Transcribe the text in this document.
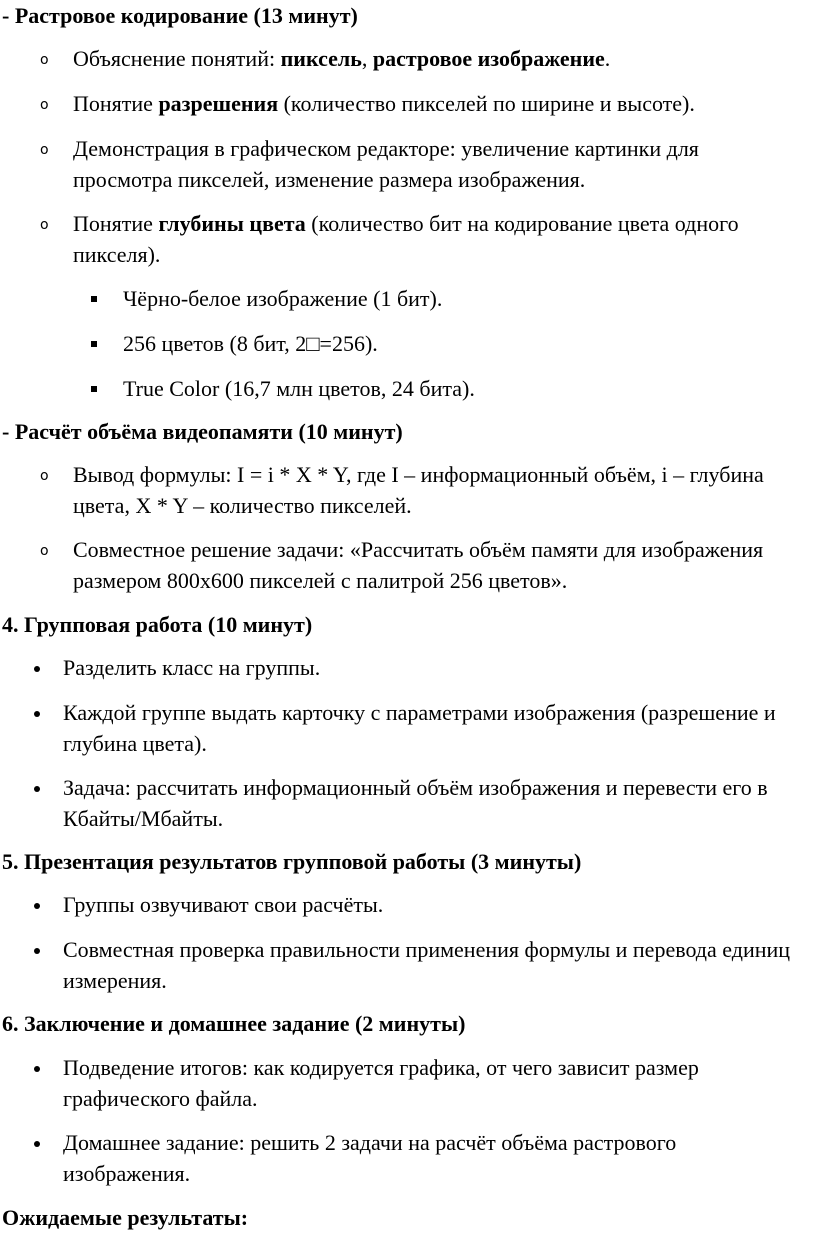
- Растровое кодирование (13 минут)
o Объяснение понятий: пиксель, растровое изображение.
o Понятие разрешения (количество пикселей по ширине и высоте).
o Демонстрация в графическом редакторе: увеличение картинки для просмотра пикселей, изменение размера изображения.
o Понятие глубины цвета (количество бит на кодирование цвета одного пикселя).
Чёрно-белое изображение (1 бит).
256 цветов (8 бит, 2□=256).
True Color (16,7 млн цветов, 24 бита).
- Расчёт объёма видеопамяти (10 минут)
o Вывод формулы: I = i * X * Y, где I – информационный объём, i – глубина цвета, X * Y – количество пикселей.
o Совместное решение задачи: «Рассчитать объём памяти для изображения размером 800x600 пикселей с палитрой 256 цветов».
4. Групповая работа (10 минут)
Разделить класс на группы.
Каждой группе выдать карточку с параметрами изображения (разрешение и глубина цвета).
Задача: рассчитать информационный объём изображения и перевести его в Кбайты/Мбайты.
5. Презентация результатов групповой работы (3 минуты)
Группы озвучивают свои расчёты.
Совместная проверка правильности применения формулы и перевода единиц измерения.
6. Заключение и домашнее задание (2 минуты)
Подведение итогов: как кодируется графика, от чего зависит размер графического файла.
Домашнее задание: решить 2 задачи на расчёт объёма растрового изображения.
Ожидаемые результаты:
